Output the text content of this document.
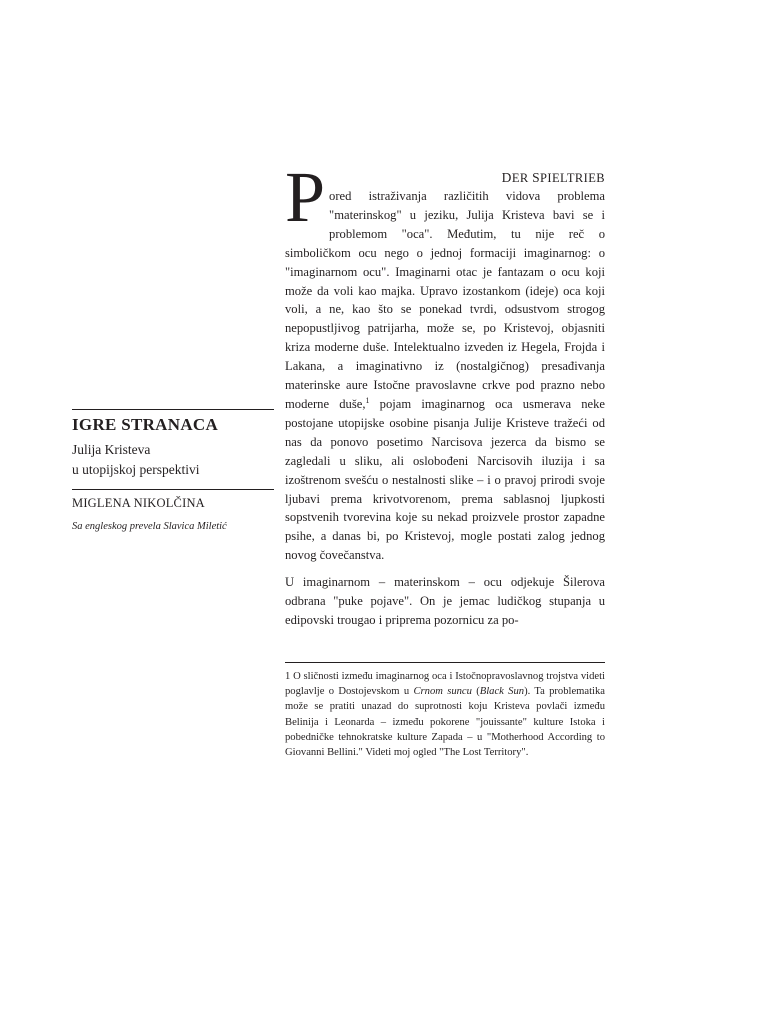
IGRE STRANACA
Julija Kristeva
u utopijskoj perspektivi
MIGLENA NIKOLČINA
Sa engleskog prevela Slavica Miletić
P	DER SPIELTRIEB

ored istraživanja različitih vidova problema "materinskog" u jeziku, Julija Kristeva bavi se i problemom "oca". Međutim, tu nije reč o simboličkom ocu nego o jednoj formaciji imaginarnog: o "imaginarnom ocu". Imaginarni otac je fantazam o ocu koji može da voli kao majka. Upravo izostankom (ideje) oca koji voli, a ne, kao što se ponekad tvrdi, odsustvom strogog nepopustljivog patrijarha, može se, po Kristevoj, objasniti kriza moderne duše. Intelektualno izveden iz Hegela, Frojda i Lakana, a imaginativno iz (nostalgičnog) presađivanja materinske aure Istočne pravoslavne crkve pod prazno nebo moderne duše,$^1$ pojam imaginarnog oca usmerava neke postojane utopijske osobine pisanja Julije Kristeve tražeći od nas da ponovo posetimo Narcisova jezerca da bismo se zagledali u sliku, ali oslobođeni Narcisovih iluzija i sa izoštrenom svešću o nestalnosti slike – i o pravoj prirodi svoje ljubavi prema krivotvorenom, prema sablasnoj ljupkosti sopstvenih tvorevina koje su nekad proizvele prostor zapadne psihe, a danas bi, po Kristevoj, mogle postati zalog jednog novog čovečanstva.

U imaginarnom – materinskom – ocu odjekuje Šilerova odbrana "puke pojave". On je jemac ludičkog stupanja u edipovski trougao i priprema pozornicu za po-

1 O sličnosti između imaginarnog oca i Istočnopravoslavnog trojstva videti poglavlje o Dostojevskom u Crnom suncu (Black Sun). Ta problematika može se pratiti unazad do suprotnosti koju Kristeva povlači između Belinija i Leonarda – između pokorene "jouissante" kulture Istoka i pobedničke tehnokratske kulture Zapada – u "Motherhood According to Giovanni Bellini." Videti moj ogled "The Lost Territory".
